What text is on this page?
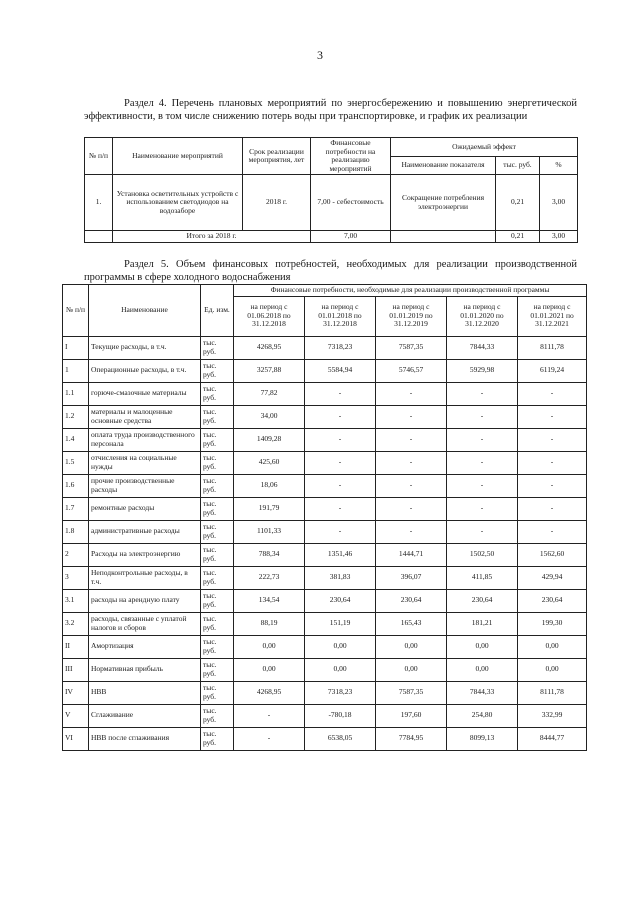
3
Раздел 4. Перечень плановых мероприятий по энергосбережению и повышению энергетической эффективности, в том числе снижению потерь воды при транспортировке, и график их реализации
№ п/п	Наименование мероприятий	Срок реализации мероприятия, лет	Финансовые потребности на реализацию мероприятий	Ожидаемый эффект		
				Наименование показателя	тыс. руб.	%
1.	Установка осветительных устройств с использованием светодиодов на водозаборе	2018 г.	7,00 - себестоимость	Сокращение потребления электроэнергии	0,21	3,00
	Итого за 2018 г.		7,00		0,21	3,00
Раздел 5. Объем финансовых потребностей, необходимых для реализации производственной программы в сфере холодного водоснабжения
№ п/п	Наименование	Ед. изм.	Финансовые потребности, необходимые для реализации производственной программы				
			на период с 01.06.2018 по 31.12.2018	на период с 01.01.2018 по 31.12.2018	на период с 01.01.2019 по 31.12.2019	на период с 01.01.2020 по 31.12.2020	на период с 01.01.2021 по 31.12.2021
I	Текущие расходы, в т.ч.	тыс. руб.	4268,95	7318,23	7587,35	7844,33	8111,78
1	Операционные расходы, в т.ч.	тыс. руб.	3257,88	5584,94	5746,57	5929,98	6119,24
1.1	горюче-смазочные материалы	тыс. руб.	77,82	-	-	-	-
1.2	материалы и малоценные основные средства	тыс. руб.	34,00	-	-	-	-
1.4	оплата труда производственного персонала	тыс. руб.	1409,28	-	-	-	-
1.5	отчисления на социальные нужды	тыс. руб.	425,60	-	-	-	-
1.6	прочие производственные расходы	тыс. руб.	18,06	-	-	-	-
1.7	ремонтные расходы	тыс. руб.	191,79	-	-	-	-
1.8	административные расходы	тыс. руб.	1101,33	-	-	-	-
2	Расходы на электроэнергию	тыс. руб.	788,34	1351,46	1444,71	1502,50	1562,60
3	Неподконтрольные расходы, в т.ч.	тыс. руб.	222,73	381,83	396,07	411,85	429,94
3.1	расходы на арендную плату	тыс. руб.	134,54	230,64	230,64	230,64	230,64
3.2	расходы, связанные с уплатой налогов и сборов	тыс. руб.	88,19	151,19	165,43	181,21	199,30
II	Амортизация	тыс. руб.	0,00	0,00	0,00	0,00	0,00
III	Нормативная прибыль	тыс. руб.	0,00	0,00	0,00	0,00	0,00
IV	НВВ	тыс. руб.	4268,95	7318,23	7587,35	7844,33	8111,78
V	Сглаживание	тыс. руб.	-	-780,18	197,60	254,80	332,99
VI	НВВ после сглаживания	тыс. руб.	-	6538,05	7784,95	8099,13	8444,77
